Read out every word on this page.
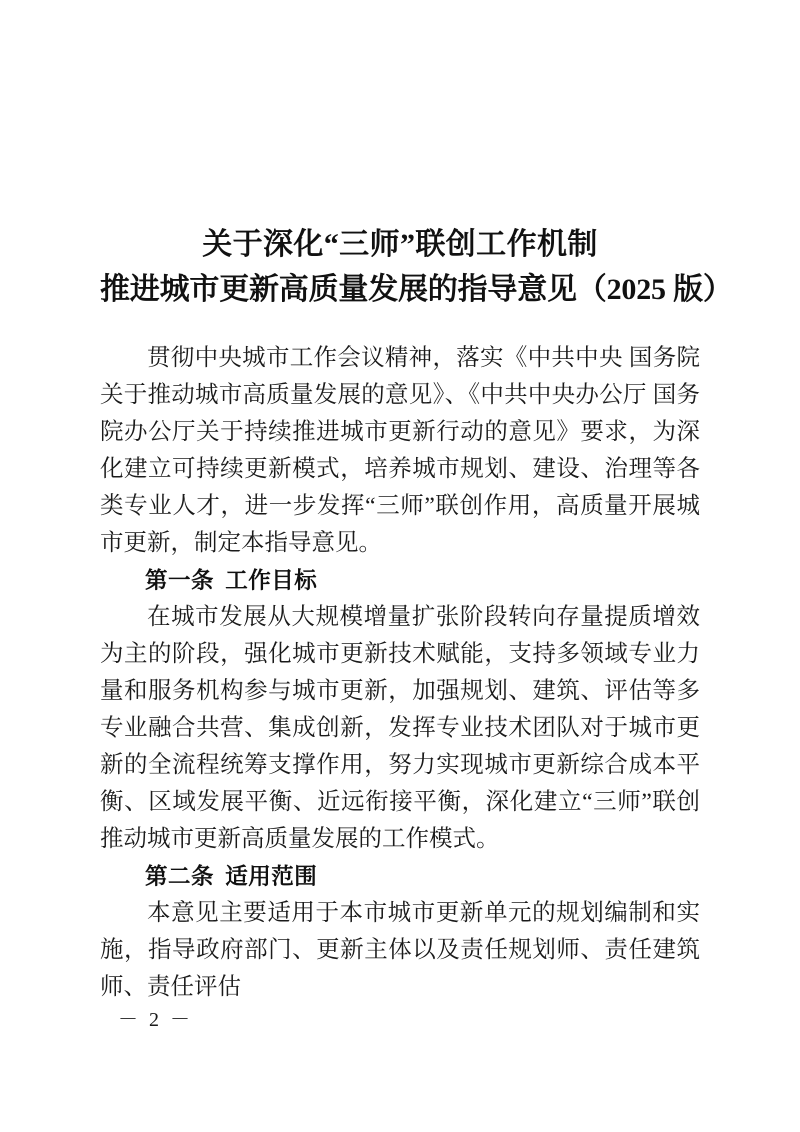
关于深化“三师”联创工作机制
推进城市更新高质量发展的指导意见（2025 版）

贯彻中央城市工作会议精神，落实《中共中央 国务院关于推动城市高质量发展的意见》、《中共中央办公厅 国务院办公厅关于持续推进城市更新行动的意见》要求，为深化建立可持续更新模式，培养城市规划、建设、治理等各类专业人才，进一步发挥“三师”联创作用，高质量开展城市更新，制定本指导意见。

第一条 工作目标

在城市发展从大规模增量扩张阶段转向存量提质增效为主的阶段，强化城市更新技术赋能，支持多领域专业力量和服务机构参与城市更新，加强规划、建筑、评估等多专业融合共营、集成创新，发挥专业技术团队对于城市更新的全流程统筹支撑作用，努力实现城市更新综合成本平衡、区域发展平衡、近远衔接平衡，深化建立“三师”联创推动城市更新高质量发展的工作模式。

第二条 适用范围

本意见主要适用于本市城市更新单元的规划编制和实施，指导政府部门、更新主体以及责任规划师、责任建筑师、责任评估

－ 2 －
